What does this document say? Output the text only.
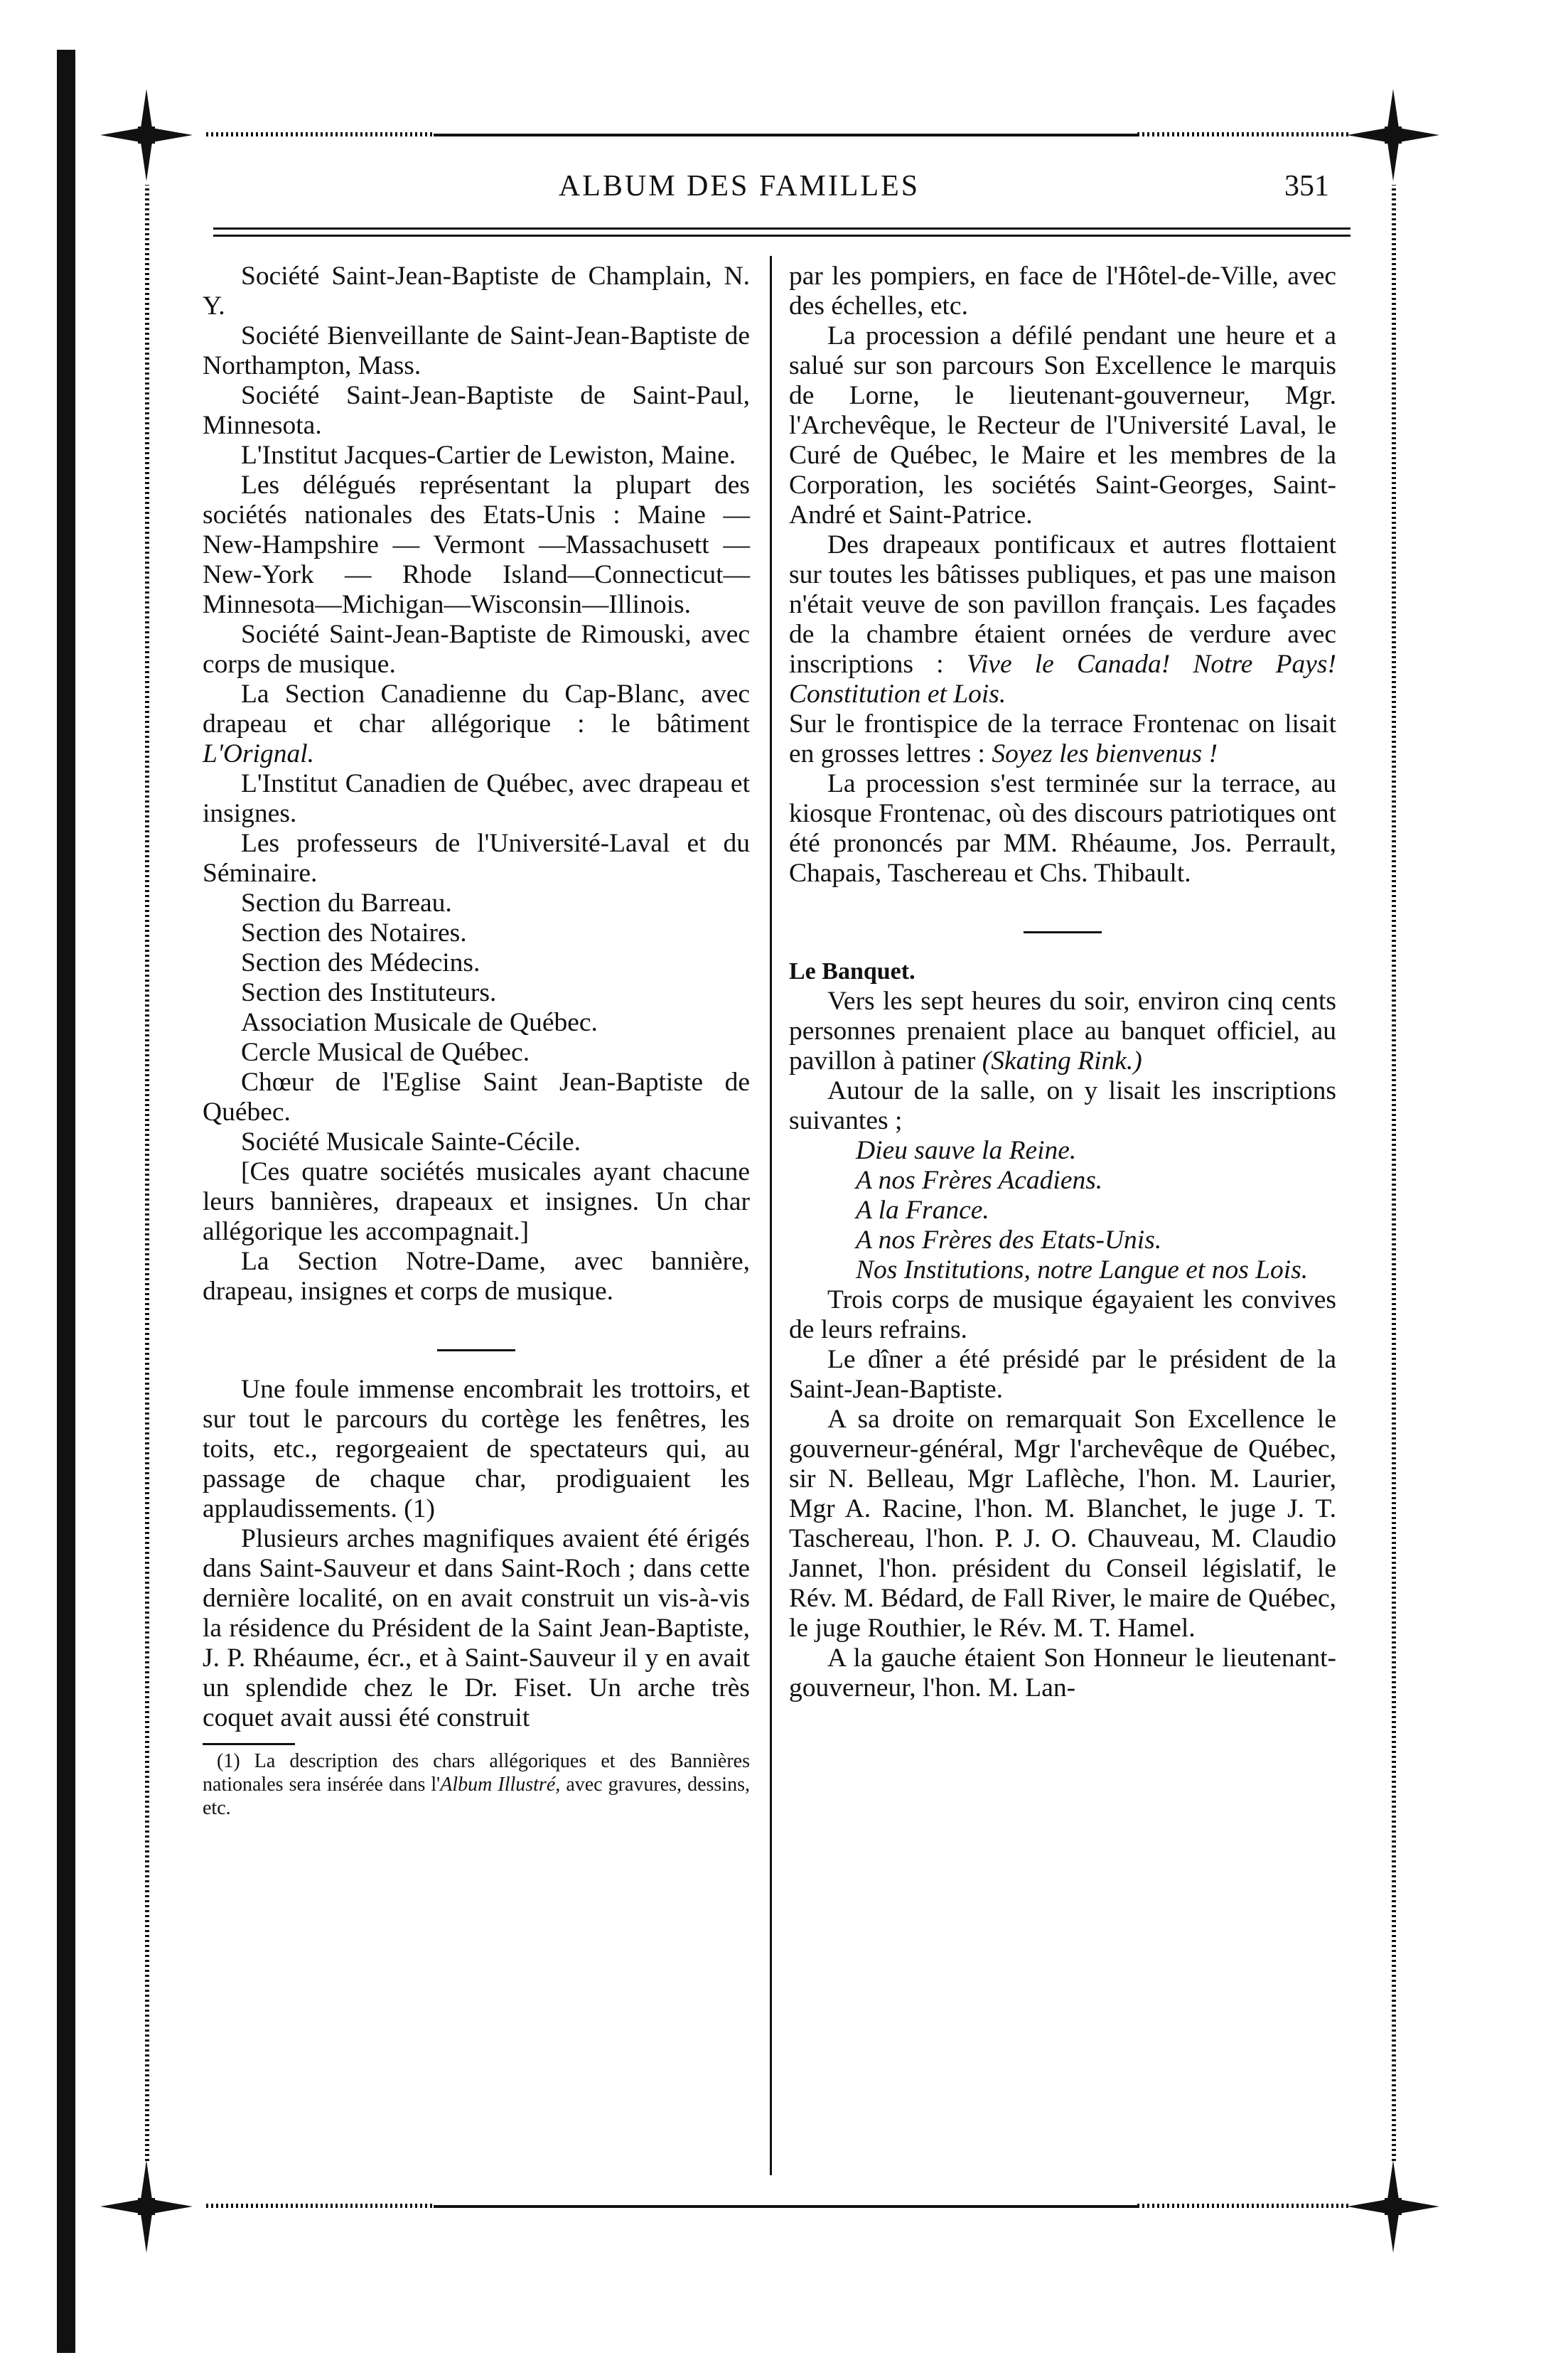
ALBUM DES FAMILLES	351

Société Saint-Jean-Baptiste de Champlain, N. Y.

Société Bienveillante de Saint-Jean-Baptiste de Northampton, Mass.

Société Saint-Jean-Baptiste de Saint-Paul, Minnesota.

L'Institut Jacques-Cartier de Lewiston, Maine.

Les délégués représentant la plupart des sociétés nationales des Etats-Unis : Maine — New-Hampshire — Vermont —Massachusett — New-York — Rhode Island—Connecticut—Minnesota—Michigan—Wisconsin—Illinois.

Société Saint-Jean-Baptiste de Rimouski, avec corps de musique.

La Section Canadienne du Cap-Blanc, avec drapeau et char allégorique : le bâtiment L'Orignal.

L'Institut Canadien de Québec, avec drapeau et insignes.

Les professeurs de l'Université-Laval et du Séminaire.

Section du Barreau.

Section des Notaires.

Section des Médecins.

Section des Instituteurs.

Association Musicale de Québec.

Cercle Musical de Québec.

Chœur de l'Eglise Saint Jean-Baptiste de Québec.

Société Musicale Sainte-Cécile.

[Ces quatre sociétés musicales ayant chacune leurs bannières, drapeaux et insignes. Un char allégorique les accompagnait.]

La Section Notre-Dame, avec bannière, drapeau, insignes et corps de musique.

Une foule immense encombrait les trottoirs, et sur tout le parcours du cortège les fenêtres, les toits, etc., regorgeaient de spectateurs qui, au passage de chaque char, prodiguaient les applaudissements. (1)

Plusieurs arches magnifiques avaient été érigés dans Saint-Sauveur et dans Saint-Roch ; dans cette dernière localité, on en avait construit un vis-à-vis la résidence du Président de la Saint Jean-Baptiste, J. P. Rhéaume, écr., et à Saint-Sauveur il y en avait un splendide chez le Dr. Fiset. Un arche très coquet avait aussi été construit

(1) La description des chars allégoriques et des Bannières nationales sera insérée dans l'Album Illustré, avec gravures, dessins, etc.

par les pompiers, en face de l'Hôtel-de-Ville, avec des échelles, etc.

La procession a défilé pendant une heure et a salué sur son parcours Son Excellence le marquis de Lorne, le lieutenant-gouverneur, Mgr. l'Archevêque, le Recteur de l'Université Laval, le Curé de Québec, le Maire et les membres de la Corporation, les sociétés Saint-Georges, Saint-André et Saint-Patrice.

Des drapeaux pontificaux et autres flottaient sur toutes les bâtisses publiques, et pas une maison n'était veuve de son pavillon français. Les façades de la chambre étaient ornées de verdure avec inscriptions : Vive le Canada! Notre Pays! Constitution et Lois.

Sur le frontispice de la terrace Frontenac on lisait en grosses lettres : Soyez les bienvenus !

La procession s'est terminée sur la terrace, au kiosque Frontenac, où des discours patriotiques ont été prononcés par MM. Rhéaume, Jos. Perrault, Chapais, Taschereau et Chs. Thibault.

Le Banquet.

Vers les sept heures du soir, environ cinq cents personnes prenaient place au banquet officiel, au pavillon à patiner (Skating Rink.)

Autour de la salle, on y lisait les inscriptions suivantes ;

Dieu sauve la Reine.

A nos Frères Acadiens.

A la France.

A nos Frères des Etats-Unis.

Nos Institutions, notre Langue et nos Lois.

Trois corps de musique égayaient les convives de leurs refrains.

Le dîner a été présidé par le président de la Saint-Jean-Baptiste.

A sa droite on remarquait Son Excellence le gouverneur-général, Mgr l'archevêque de Québec, sir N. Belleau, Mgr Laflèche, l'hon. M. Laurier, Mgr A. Racine, l'hon. M. Blanchet, le juge J. T. Taschereau, l'hon. P. J. O. Chauveau, M. Claudio Jannet, l'hon. président du Conseil législatif, le Rév. M. Bédard, de Fall River, le maire de Québec, le juge Routhier, le Rév. M. T. Hamel.

A la gauche étaient Son Honneur le lieutenant-gouverneur, l'hon. M. Lan-
